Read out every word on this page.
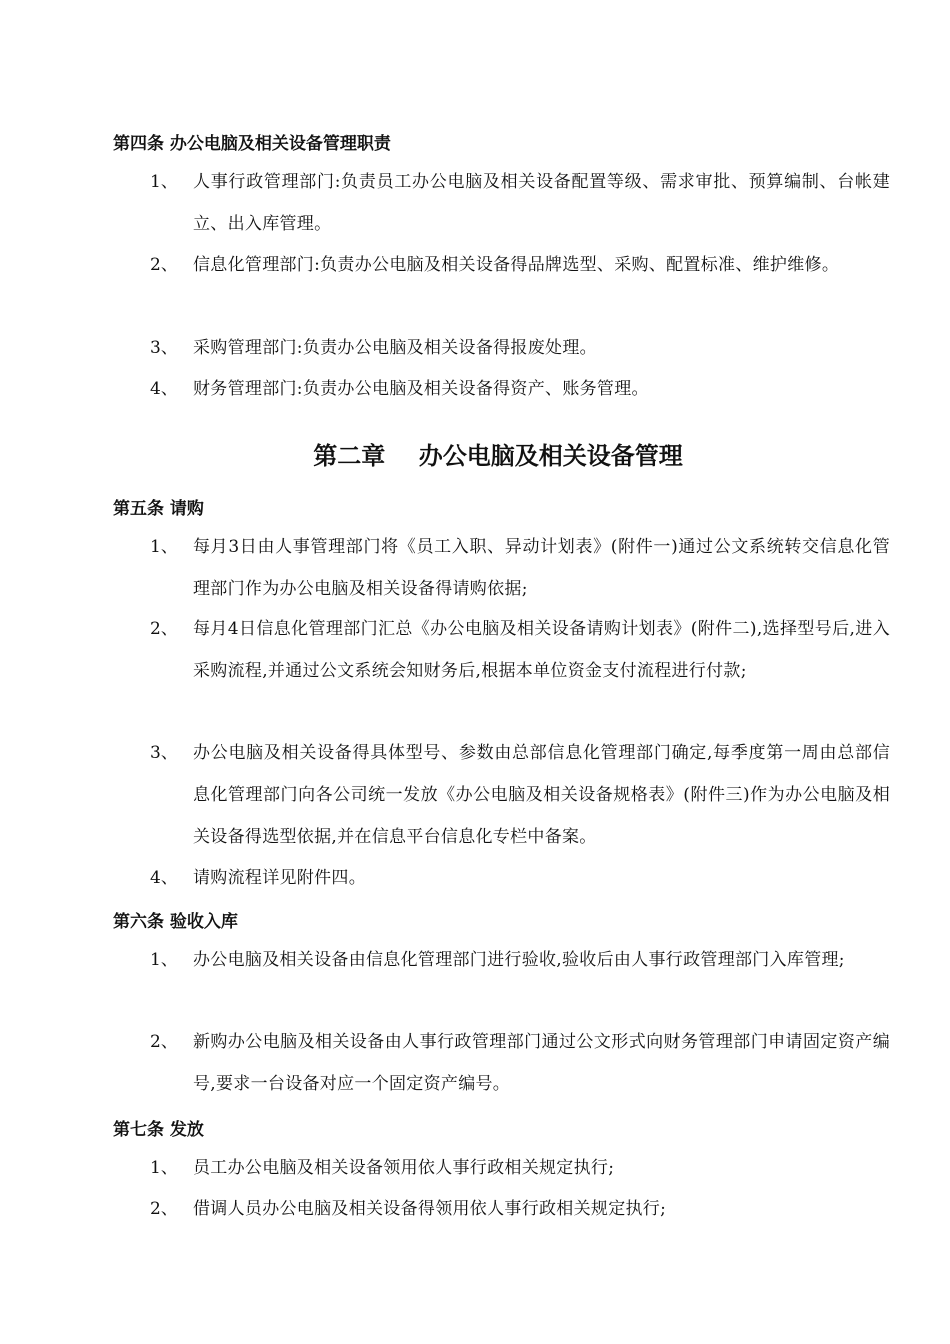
第四条 办公电脑及相关设备管理职责
1、 人事行政管理部门:负责员工办公电脑及相关设备配置等级、需求审批、预算编制、台帐建立、出入库管理。
2、 信息化管理部门:负责办公电脑及相关设备得品牌选型、采购、配置标准、维护维修。
3、 采购管理部门:负责办公电脑及相关设备得报废处理。
4、 财务管理部门:负责办公电脑及相关设备得资产、账务管理。
第二章    办公电脑及相关设备管理
第五条 请购
1、 每月3日由人事管理部门将《员工入职、异动计划表》(附件一)通过公文系统转交信息化管理部门作为办公电脑及相关设备得请购依据;
2、 每月4日信息化管理部门汇总《办公电脑及相关设备请购计划表》(附件二),选择型号后,进入采购流程,并通过公文系统会知财务后,根据本单位资金支付流程进行付款;
3、 办公电脑及相关设备得具体型号、参数由总部信息化管理部门确定,每季度第一周由总部信息化管理部门向各公司统一发放《办公电脑及相关设备规格表》(附件三)作为办公电脑及相关设备得选型依据,并在信息平台信息化专栏中备案。
4、 请购流程详见附件四。
第六条 验收入库
1、 办公电脑及相关设备由信息化管理部门进行验收,验收后由人事行政管理部门入库管理;
2、 新购办公电脑及相关设备由人事行政管理部门通过公文形式向财务管理部门申请固定资产编号,要求一台设备对应一个固定资产编号。
第七条 发放
1、 员工办公电脑及相关设备领用依人事行政相关规定执行;
2、 借调人员办公电脑及相关设备得领用依人事行政相关规定执行;
